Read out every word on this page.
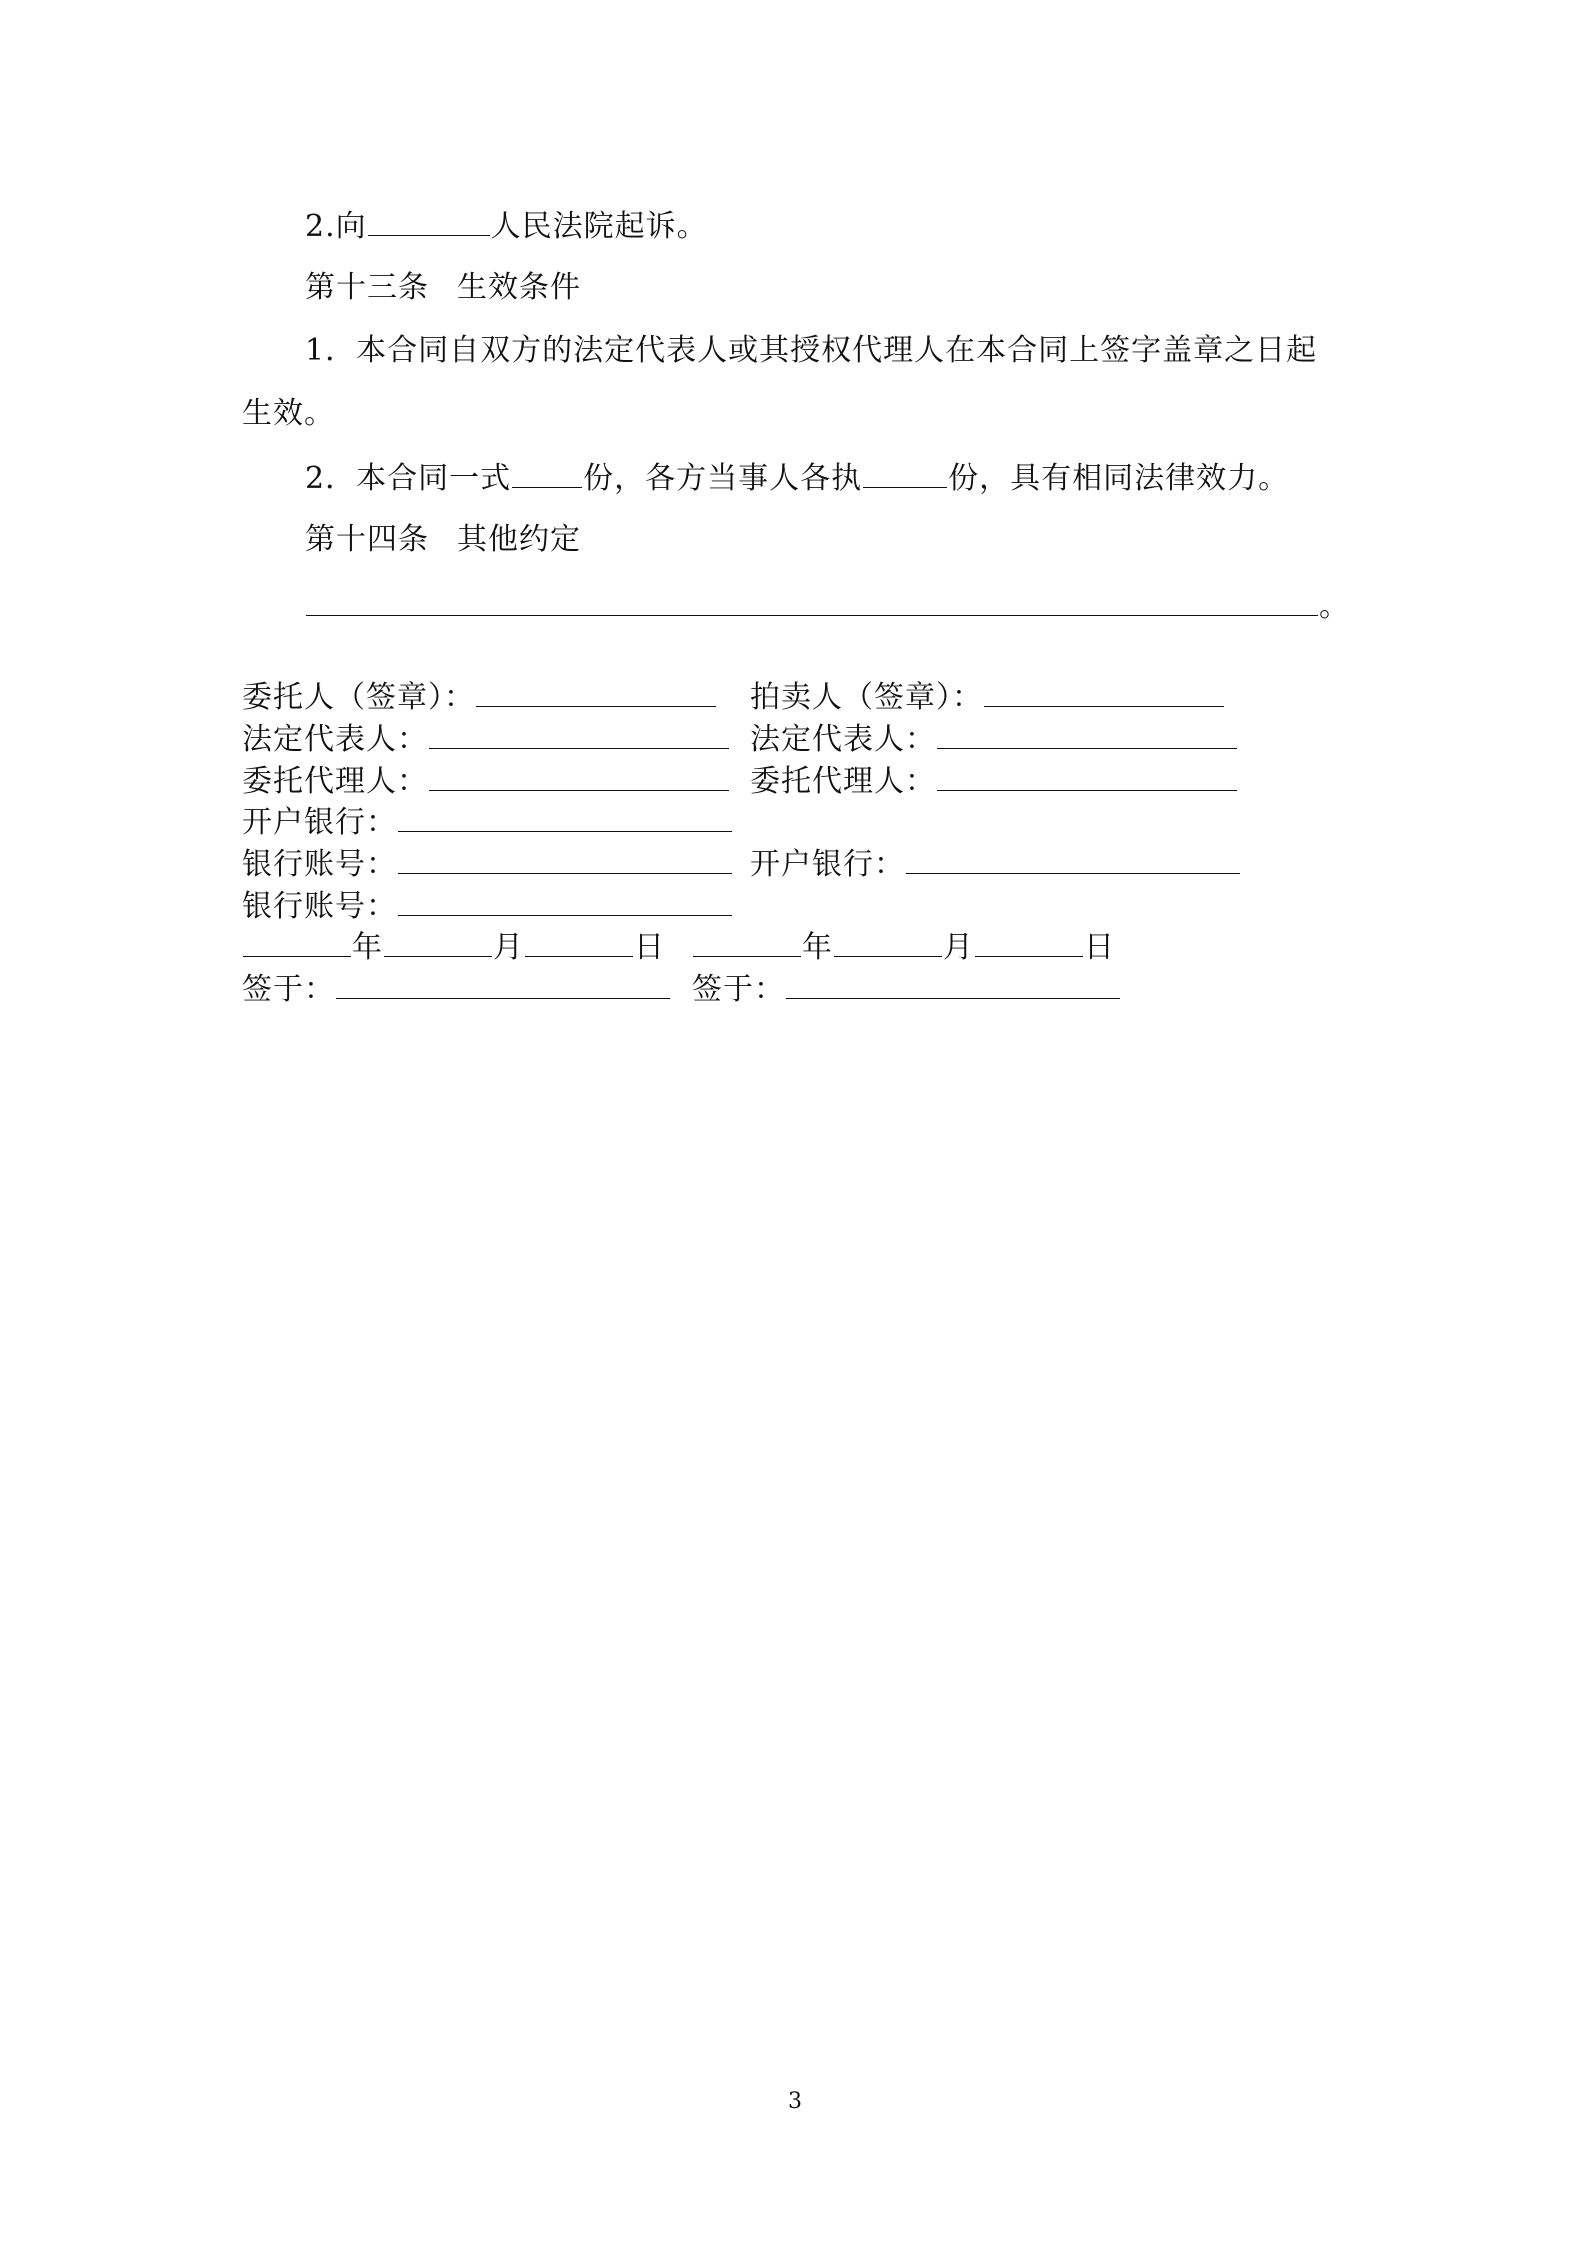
2.向	人民法院起诉。
第十三条 生效条件
1．本合同自双方的法定代表人或其授权代理人在本合同上签字盖章之日起
生效。
2．本合同一式 份，各方当事人各执	份，具有相同法律效力。
第十四条 其他约定
。
委托人（签章）：	拍卖人（签章）：
法定代表人：	法定代表人：
委托代理人：	委托代理人：
开户银行：
银行账号：	开户银行：
银行账号：
年	月	日	年	月	日
签于：	签于：
3
